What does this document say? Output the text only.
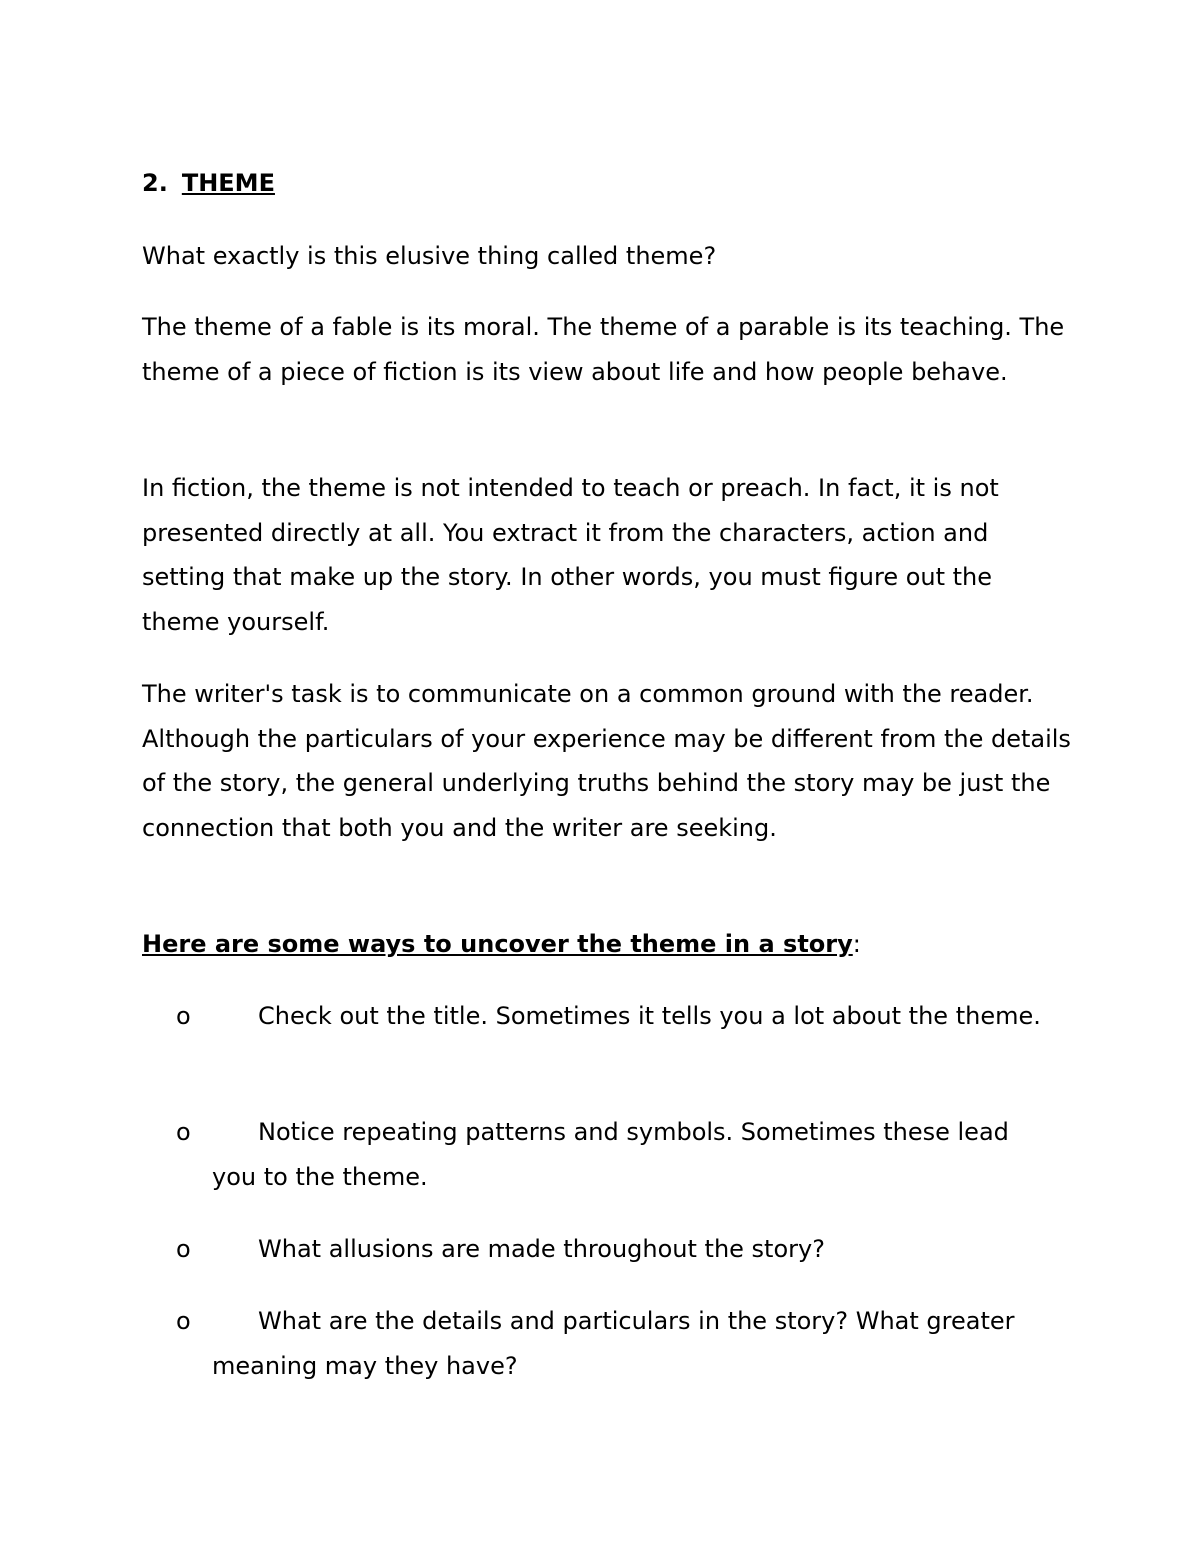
2. THEME
What exactly is this elusive thing called theme?
The theme of a fable is its moral. The theme of a parable is its teaching. The theme of a piece of fiction is its view about life and how people behave.
In fiction, the theme is not intended to teach or preach. In fact, it is not presented directly at all. You extract it from the characters, action and setting that make up the story. In other words, you must figure out the theme yourself.
The writer's task is to communicate on a common ground with the reader. Although the particulars of your experience may be different from the details of the story, the general underlying truths behind the story may be just the connection that both you and the writer are seeking.
Here are some ways to uncover the theme in a story:
o	Check out the title. Sometimes it tells you a lot about the theme.
o	Notice repeating patterns and symbols. Sometimes these lead you to the theme.
o	What allusions are made throughout the story?
o	What are the details and particulars in the story? What greater meaning may they have?
